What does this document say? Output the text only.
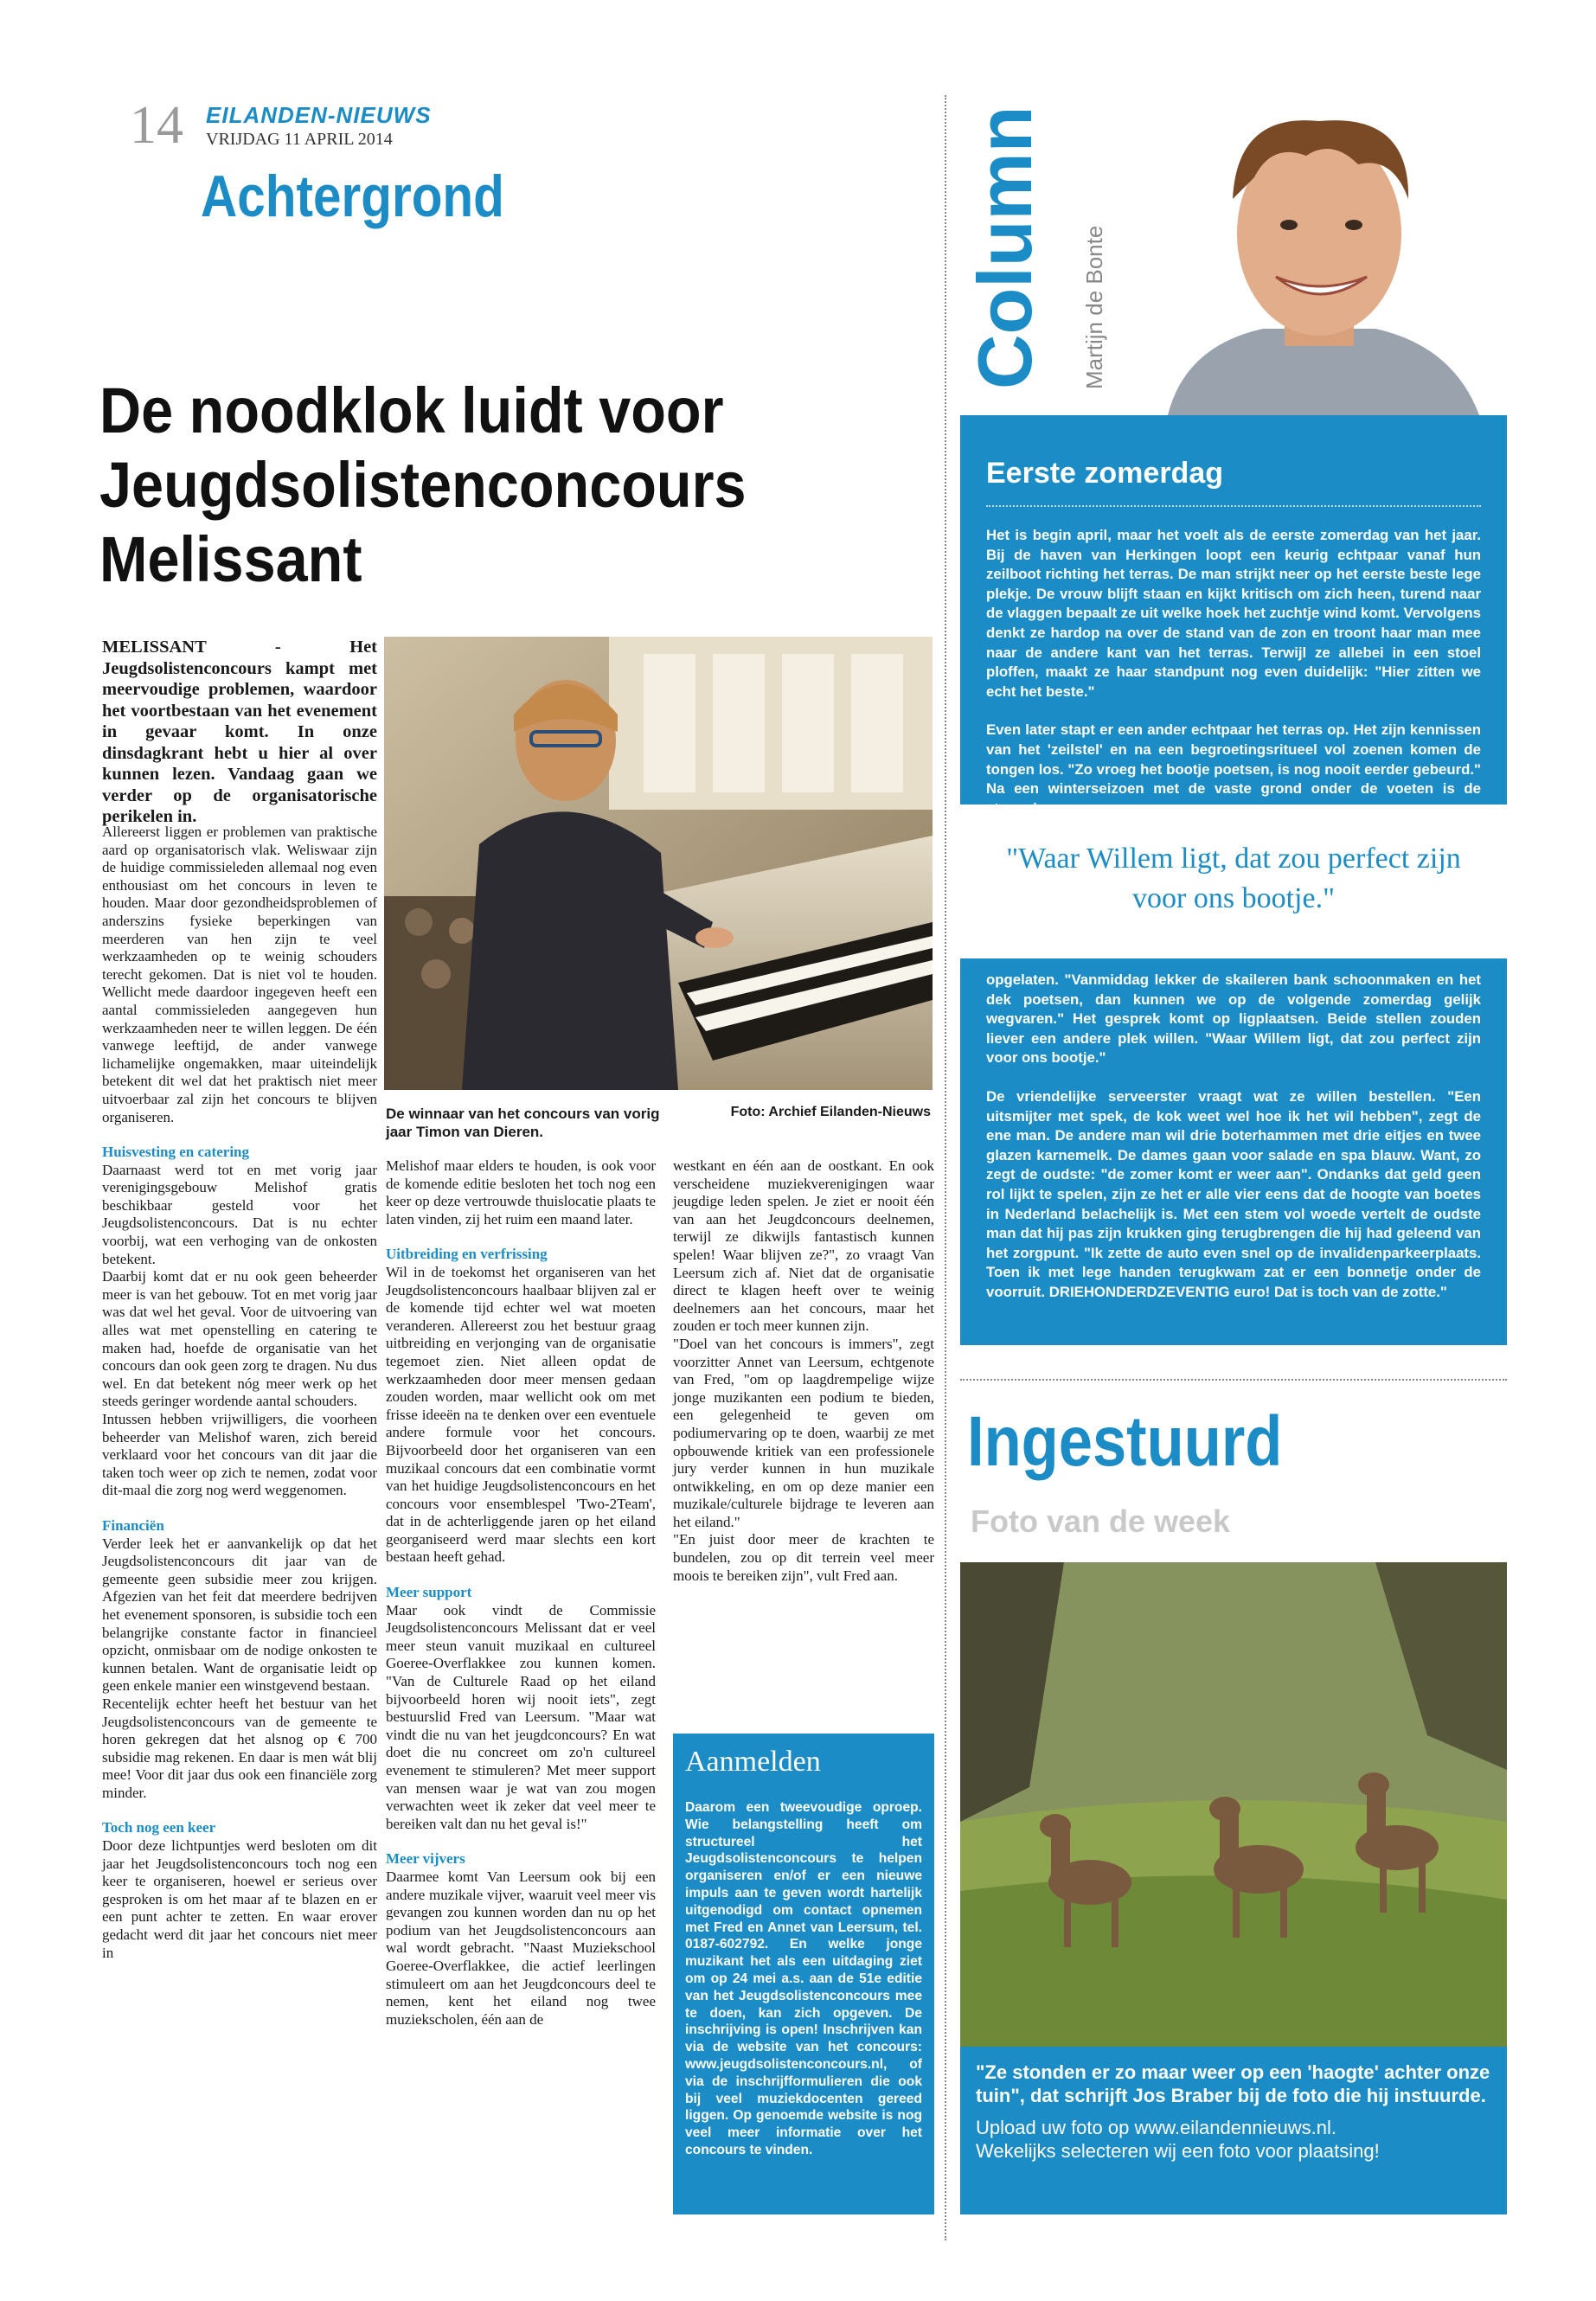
14 EILANDEN-NIEUWS
VRIJDAG 11 APRIL 2014
Achtergrond
De noodklok luidt voor Jeugdsolistenconcours Melissant
MELISSANT - Het Jeugdsolistenconcours kampt met meervoudige problemen, waardoor het voortbestaan van het evenement in gevaar komt. In onze dinsdagkrant hebt u hier al over kunnen lezen. Vandaag gaan we verder op de organisatorische perikelen in.

Allereerst liggen er problemen van praktische aard op organisatorisch vlak. Weliswaar zijn de huidige commissieleden allemaal nog even enthousiast om het concours in leven te houden. Maar door gezondheidsproblemen of anderszins fysieke beperkingen van meerderen van hen zijn te veel werkzaamheden op te weinig schouders terecht gekomen. Dat is niet vol te houden. Wellicht mede daardoor ingegeven heeft een aantal commissieleden aangegeven hun werkzaamheden neer te willen leggen. De één vanwege leeftijd, de ander vanwege lichamelijke ongemakken, maar uiteindelijk betekent dit wel dat het praktisch niet meer uitvoerbaar zal zijn het concours te blijven organiseren.

Huisvesting en catering

Daarnaast werd tot en met vorig jaar verenigingsgebouw Melishof gratis beschikbaar gesteld voor het Jeugdsolistenconcours. Dat is nu echter voorbij, wat een verhoging van de onkosten betekent.

Daarbij komt dat er nu ook geen beheerder meer is van het gebouw. Tot en met vorig jaar was dat wel het geval. Voor de uitvoering van alles wat met openstelling en catering te maken had, hoefde de organisatie van het concours dan ook geen zorg te dragen. Nu dus wel. En dat betekent nóg meer werk op het steeds geringer wordende aantal schouders.

Intussen hebben vrijwilligers, die voorheen beheerder van Melishof waren, zich bereid verklaard voor het concours van dit jaar die taken toch weer op zich te nemen, zodat voor dit-maal die zorg nog werd weggenomen.

Financiën

Verder leek het er aanvankelijk op dat het Jeugdsolistenconcours dit jaar van de gemeente geen subsidie meer zou krijgen. Afgezien van het feit dat meerdere bedrijven het evenement sponsoren, is subsidie toch een belangrijke constante factor in financieel opzicht, onmisbaar om de nodige onkosten te kunnen betalen. Want de organisatie leidt op geen enkele manier een winstgevend bestaan.

Recentelijk echter heeft het bestuur van het Jeugdsolistenconcours van de gemeente te horen gekregen dat het alsnog op € 700 subsidie mag rekenen. En daar is men wát blij mee! Voor dit jaar dus ook een financiële zorg minder.

Toch nog een keer

Door deze lichtpuntjes werd besloten om dit jaar het Jeugdsolistenconcours toch nog een keer te organiseren, hoewel er serieus over gesproken is om het maar af te blazen en er een punt achter te zetten. En waar erover gedacht werd dit jaar het concours niet meer in

De winnaar van het concours van vorig jaar Timon van Dieren.
Foto: Archief Eilanden-Nieuws

Melishof maar elders te houden, is ook voor de komende editie besloten het toch nog een keer op deze vertrouwde thuislocatie plaats te laten vinden, zij het ruim een maand later.

Uitbreiding en verfrissing

Wil in de toekomst het organiseren van het Jeugdsolistenconcours haalbaar blijven zal er de komende tijd echter wel wat moeten veranderen. Allereerst zou het bestuur graag uitbreiding en verjonging van de organisatie tegemoet zien. Niet alleen opdat de werkzaamheden door meer mensen gedaan zouden worden, maar wellicht ook om met frisse ideeën na te denken over een eventuele andere formule voor het concours. Bijvoorbeeld door het organiseren van een muzikaal concours dat een combinatie vormt van het huidige Jeugdsolistenconcours en het concours voor ensemblespel 'Two-2Team', dat in de achterliggende jaren op het eiland georganiseerd werd maar slechts een kort bestaan heeft gehad.

Meer support

Maar ook vindt de Commissie Jeugdsolistenconcours Melissant dat er veel meer steun vanuit muzikaal en cultureel Goeree-Overflakkee zou kunnen komen. "Van de Culturele Raad op het eiland bijvoorbeeld horen wij nooit iets", zegt bestuurslid Fred van Leersum. "Maar wat vindt die nu van het jeugdconcours? En wat doet die nu concreet om zo'n cultureel evenement te stimuleren? Met meer support van mensen waar je wat van zou mogen verwachten weet ik zeker dat veel meer te bereiken valt dan nu het geval is!"

Meer vijvers

Daarmee komt Van Leersum ook bij een andere muzikale vijver, waaruit veel meer vis gevangen zou kunnen worden dan nu op het podium van het Jeugdsolistenconcours aan wal wordt gebracht. "Naast Muziekschool Goeree-Overflakkee, die actief leerlingen stimuleert om aan het Jeugdconcours deel te nemen, kent het eiland nog twee muziekscholen, één aan de

westkant en één aan de oostkant. En ook verscheidene muziekverenigingen waar jeugdige leden spelen. Je ziet er nooit één van aan het Jeugdconcours deelnemen, terwijl ze dikwijls fantastisch kunnen spelen! Waar blijven ze?", zo vraagt Van Leersum zich af. Niet dat de organisatie direct te klagen heeft over te weinig deelnemers aan het concours, maar het zouden er toch meer kunnen zijn.

"Doel van het concours is immers", zegt voorzitter Annet van Leersum, echtgenote van Fred, "om op laagdrempelige wijze jonge muzikanten een podium te bieden, een gelegenheid te geven om podiumervaring op te doen, waarbij ze met opbouwende kritiek van een professionele jury verder kunnen in hun muzikale ontwikkeling, en om op deze manier een muzikale/culturele bijdrage te leveren aan het eiland."

"En juist door meer de krachten te bundelen, zou op dit terrein veel meer moois te bereiken zijn", vult Fred aan.

Aanmelden

Daarom een tweevoudige oproep. Wie belangstelling heeft om structureel het Jeugdsolistenconcours te helpen organiseren en/of er een nieuwe impuls aan te geven wordt hartelijk uitgenodigd om contact opnemen met Fred en Annet van Leersum, tel. 0187-602792. En welke jonge muzikant het als een uitdaging ziet om op 24 mei a.s. aan de 51e editie van het Jeugdsolistenconcours mee te doen, kan zich opgeven. De inschrijving is open! Inschrijven kan via de website van het concours: www.jeugdsolistenconcours.nl, of via de inschrijfformulieren die ook bij veel muziekdocenten gereed liggen. Op genoemde website is nog veel meer informatie over het concours te vinden.

Column Martijn de Bonte
Eerste zomerdag

Het is begin april, maar het voelt als de eerste zomerdag van het jaar. Bij de haven van Herkingen loopt een keurig echtpaar vanaf hun zeilboot richting het terras. De man strijkt neer op het eerste beste lege plekje. De vrouw blijft staan en kijkt kritisch om zich heen, turend naar de vlaggen bepaalt ze uit welke hoek het zuchtje wind komt. Vervolgens denkt ze hardop na over de stand van de zon en troont haar man mee naar de andere kant van het terras. Terwijl ze allebei in een stoel ploffen, maakt ze haar standpunt nog even duidelijk: "Hier zitten we echt het beste."

Even later stapt er een ander echtpaar het terras op. Het zijn kennissen van het 'zeilstel' en na een begroetingsritueel vol zoenen komen de tongen los. "Zo vroeg het bootje poetsen, is nog nooit eerder gebeurd." Na een winterseizoen met de vaste grond onder de voeten is de

"Waar Willem ligt, dat zou perfect zijn voor ons bootje."

opgelaten. "Vanmiddag lekker de skaileren bank schoonmaken en het dek poetsen, dan kunnen we op de volgende zomerdag gelijk wegvaren." Het gesprek komt op ligplaatsen. Beide stellen zouden liever een andere plek willen. "Waar Willem ligt, dat zou perfect zijn voor ons bootje."

De vriendelijke serveerster vraagt wat ze willen bestellen. "Een uitsmijter met spek, de kok weet wel hoe ik het wil hebben", zegt de ene man. De andere man wil drie boterhammen met drie eitjes en twee glazen karnemelk. De dames gaan voor salade en spa blauw. Want, zo zegt de oudste: "de zomer komt er weer aan". Ondanks dat geld geen rol lijkt te spelen, zijn ze het er alle vier eens dat de hoogte van boetes in Nederland belachelijk is. Met een stem vol woede vertelt de oudste man dat hij pas zijn krukken ging terugbrengen die hij had geleend van het zorgpunt. "Ik zette de auto even snel op de invalidenparkeerplaats. Toen ik met lege handen terugkwam zat er een bonnetje onder de voorruit. DRIEHONDERDZEVENTIG euro! Dat is toch van de zotte."

Ingestuurd
Foto van de week
"Ze stonden er zo maar weer op een 'haogte' achter onze tuin", dat schrijft Jos Braber bij de foto die hij instuurde.
Upload uw foto op www.eilandennieuws.nl.
Wekelijks selecteren wij een foto voor plaatsing!
